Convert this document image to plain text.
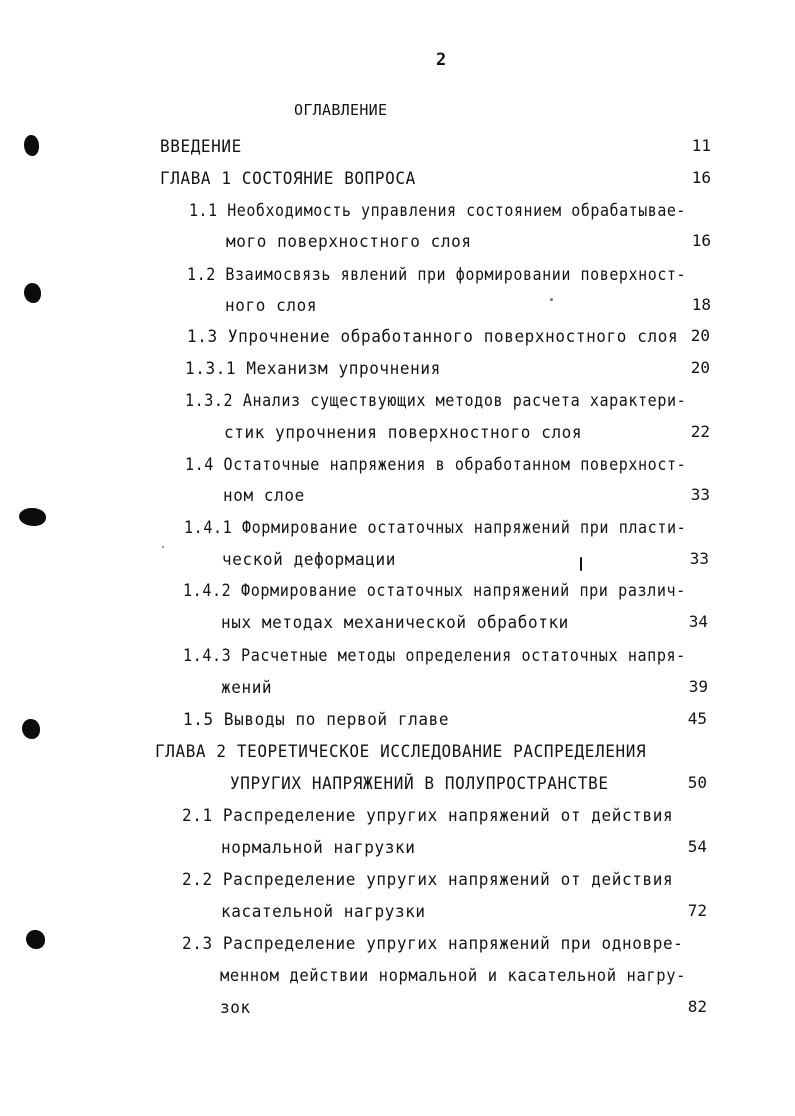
2
ОГЛАВЛЕНИЕ
ВВЕДЕНИЕ	11
ГЛАВА 1 СОСТОЯНИЕ ВОПРОСА	16
1.1 Необходимость управления состоянием обрабатывае-
мого поверхностного слоя	16
1.2 Взаимосвязь явлений при формировании поверхност-
ного слоя	18
1.3 Упрочнение обработанного поверхностного слоя 20
1.3.1 Механизм упрочнения	20
1.3.2 Анализ существующих методов расчета характери-
стик упрочнения поверхностного слоя	22
1.4 Остаточные напряжения в обработанном поверхност-
ном слое	33
1.4.1 Формирование остаточных напряжений при пласти-
ческой деформации	33
1.4.2 Формирование остаточных напряжений при различ-
ных методах механической обработки	34
1.4.3 Расчетные методы определения остаточных напря-
жений	39
1.5 Выводы по первой главе	45
ГЛАВА 2 ТЕОРЕТИЧЕСКОЕ ИССЛЕДОВАНИЕ РАСПРЕДЕЛЕНИЯ
УПРУГИХ НАПРЯЖЕНИЙ В ПОЛУПРОСТРАНСТВЕ	50
2.1 Распределение упругих напряжений от действия
нормальной нагрузки	54
2.2 Распределение упругих напряжений от действия
касательной нагрузки	72
2.3 Распределение упругих напряжений при одновре-
менном действии нормальной и касательной нагру-
зок	82
